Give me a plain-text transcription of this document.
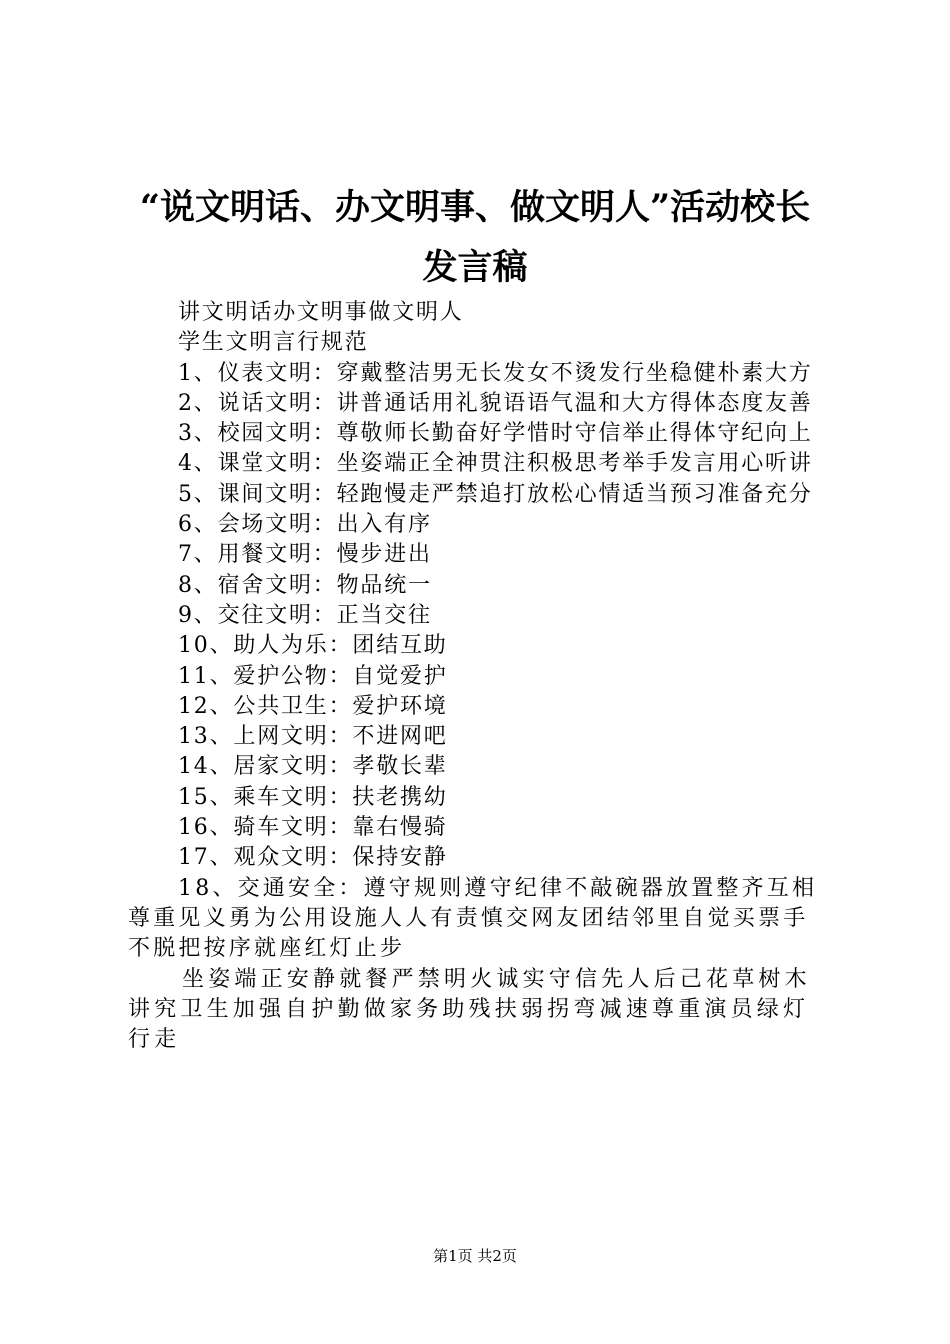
“说文明话、办文明事、做文明人”活动校长
发言稿

讲文明话办文明事做文明人

学生文明言行规范

1、仪表文明：穿戴整洁男无长发女不烫发行坐稳健朴素大方

2、说话文明：讲普通话用礼貌语语气温和大方得体态度友善

3、校园文明：尊敬师长勤奋好学惜时守信举止得体守纪向上

4、课堂文明：坐姿端正全神贯注积极思考举手发言用心听讲

5、课间文明：轻跑慢走严禁追打放松心情适当预习准备充分

6、会场文明：出入有序

7、用餐文明：慢步进出

8、宿舍文明：物品统一

9、交往文明：正当交往

10、助人为乐：团结互助

11、爱护公物：自觉爱护

12、公共卫生：爱护环境

13、上网文明：不进网吧

14、居家文明：孝敬长辈

15、乘车文明：扶老携幼

16、骑车文明：靠右慢骑

17、观众文明：保持安静

18、交通安全：遵守规则遵守纪律不敲碗器放置整齐互相尊重见义勇为公用设施人人有责慎交网友团结邻里自觉买票手不脱把按序就座红灯止步

坐姿端正安静就餐严禁明火诚实守信先人后己花草树木讲究卫生加强自护勤做家务助残扶弱拐弯减速尊重演员绿灯行走

第1页 共2页
